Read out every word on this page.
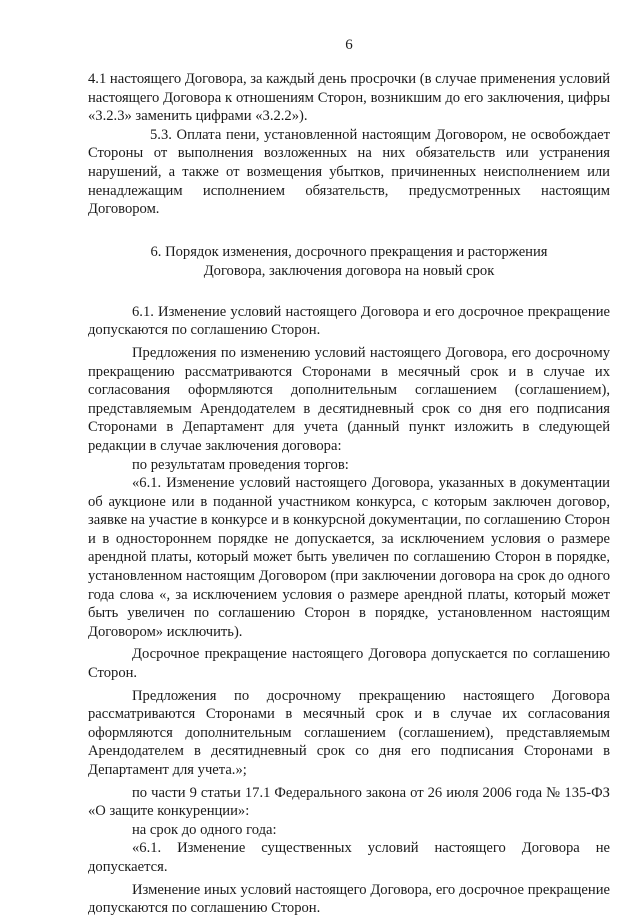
6

4.1 настоящего Договора, за каждый день просрочки (в случае применения условий настоящего Договора к отношениям Сторон, возникшим до его заключения, цифры «3.2.3» заменить цифрами «3.2.2»).

5.3. Оплата пени, установленной настоящим Договором, не освобождает Стороны от выполнения возложенных на них обязательств или устранения нарушений, а также от возмещения убытков, причиненных неисполнением или ненадлежащим исполнением обязательств, предусмотренных настоящим Договором.

6. Порядок изменения, досрочного прекращения и расторжения
Договора, заключения договора на новый срок

6.1. Изменение условий настоящего Договора и его досрочное прекращение допускаются по соглашению Сторон.

Предложения по изменению условий настоящего Договора, его досрочному прекращению рассматриваются Сторонами в месячный срок и в случае их согласования оформляются дополнительным соглашением (соглашением), представляемым Арендодателем в десятидневный срок со дня его подписания Сторонами в Департамент для учета (данный пункт изложить в следующей редакции в случае заключения договора:

по результатам проведения торгов:

«6.1. Изменение условий настоящего Договора, указанных в документации об аукционе или в поданной участником конкурса, с которым заключен договор, заявке на участие в конкурсе и в конкурсной документации, по соглашению Сторон и в одностороннем порядке не допускается, за исключением условия о размере арендной платы, который может быть увеличен по соглашению Сторон в порядке, установленном настоящим Договором (при заключении договора на срок до одного года слова «, за исключением условия о размере арендной платы, который может быть увеличен по соглашению Сторон в порядке, установленном настоящим Договором» исключить).

Досрочное прекращение настоящего Договора допускается по соглашению Сторон.

Предложения по досрочному прекращению настоящего Договора рассматриваются Сторонами в месячный срок и в случае их согласования оформляются дополнительным соглашением (соглашением), представляемым Арендодателем в десятидневный срок со дня его подписания Сторонами в Департамент для учета.»;

по части 9 статьи 17.1 Федерального закона от 26 июля 2006 года № 135-ФЗ «О защите конкуренции»:

на срок до одного года:

«6.1. Изменение существенных условий настоящего Договора не допускается.

Изменение иных условий настоящего Договора, его досрочное прекращение допускаются по соглашению Сторон.
